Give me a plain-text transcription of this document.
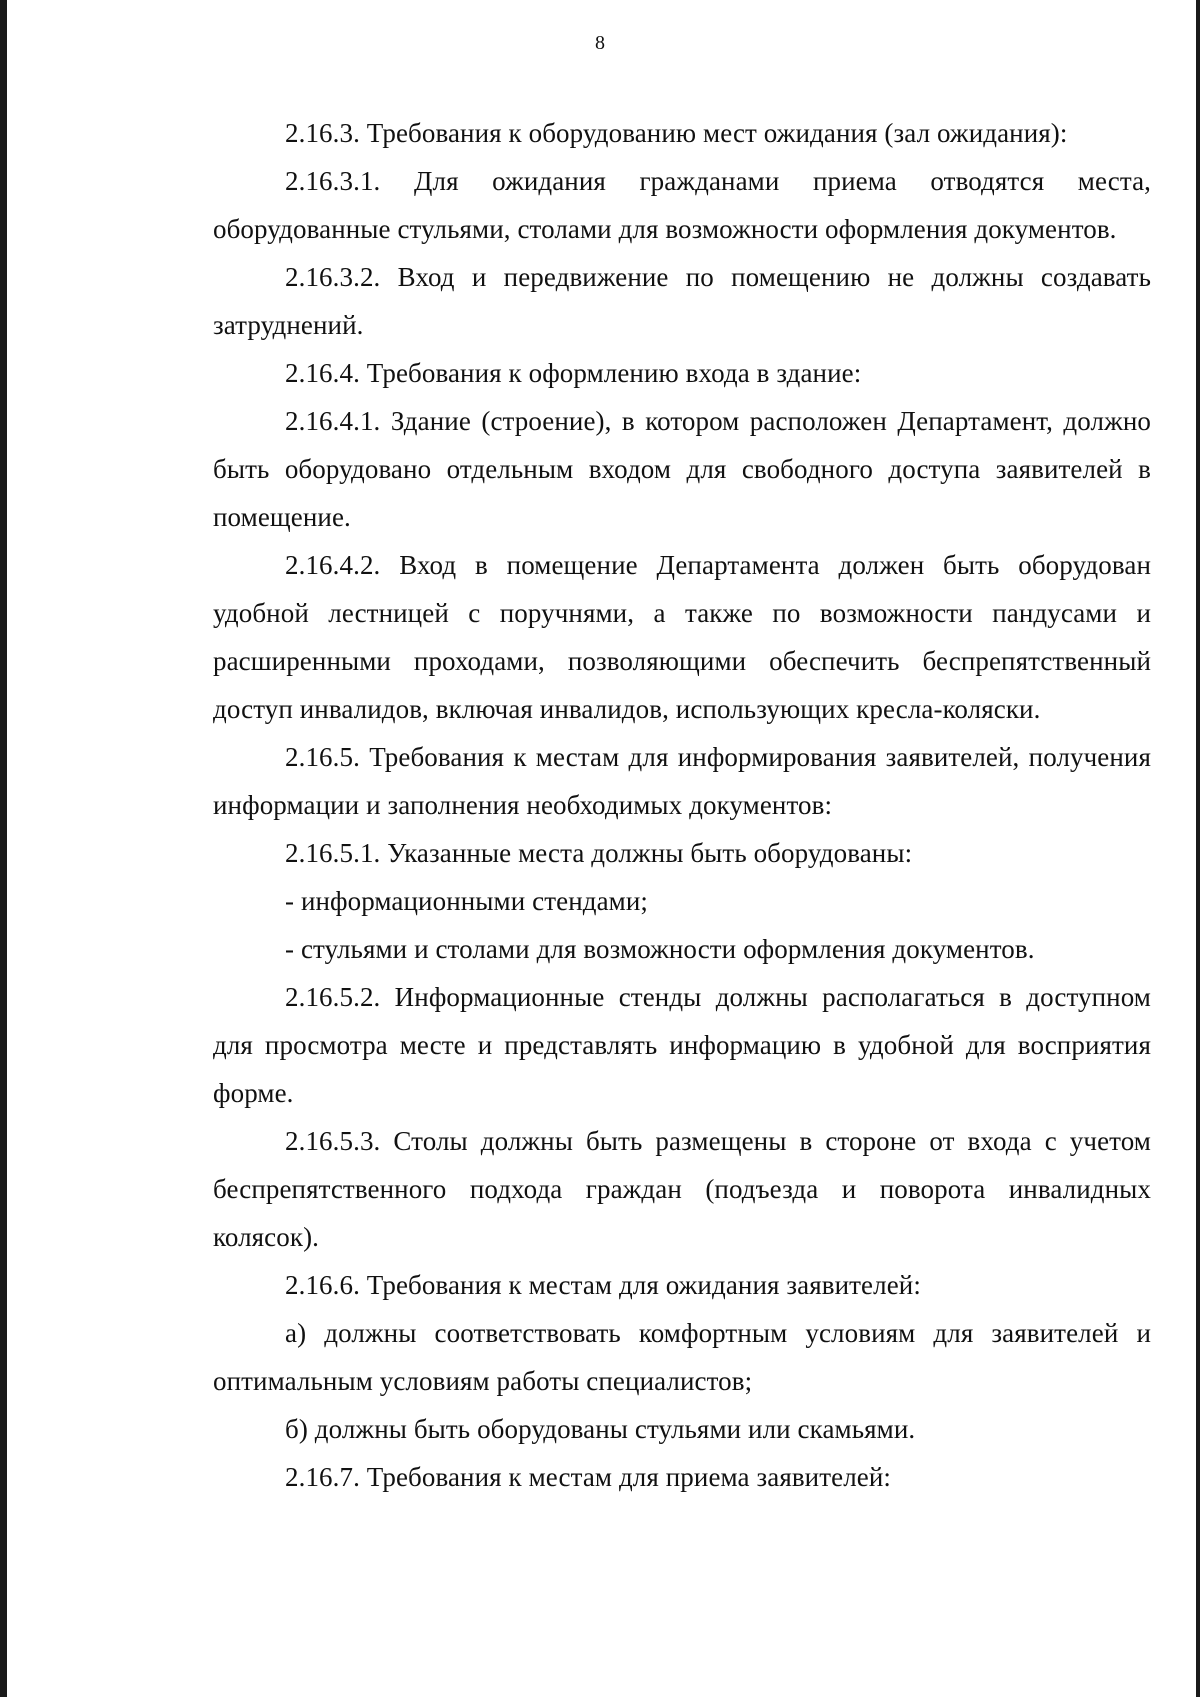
8

2.16.3. Требования к оборудованию мест ожидания (зал ожидания):

2.16.3.1. Для ожидания гражданами приема отводятся места, оборудованные стульями, столами для возможности оформления документов.

2.16.3.2. Вход и передвижение по помещению не должны создавать затруднений.

2.16.4. Требования к оформлению входа в здание:

2.16.4.1. Здание (строение), в котором расположен Департамент, должно быть оборудовано отдельным входом для свободного доступа заявителей в помещение.

2.16.4.2. Вход в помещение Департамента должен быть оборудован удобной лестницей с поручнями, а также по возможности пандусами и расширенными проходами, позволяющими обеспечить беспрепятственный доступ инвалидов, включая инвалидов, использующих кресла-коляски.

2.16.5. Требования к местам для информирования заявителей, получения информации и заполнения необходимых документов:

2.16.5.1. Указанные места должны быть оборудованы:

- информационными стендами;

- стульями и столами для возможности оформления документов.

2.16.5.2. Информационные стенды должны располагаться в доступном для просмотра месте и представлять информацию в удобной для восприятия форме.

2.16.5.3. Столы должны быть размещены в стороне от входа с учетом беспрепятственного подхода граждан (подъезда и поворота инвалидных колясок).

2.16.6. Требования к местам для ожидания заявителей:

а) должны соответствовать комфортным условиям для заявителей и оптимальным условиям работы специалистов;

б) должны быть оборудованы стульями или скамьями.

2.16.7. Требования к местам для приема заявителей:
